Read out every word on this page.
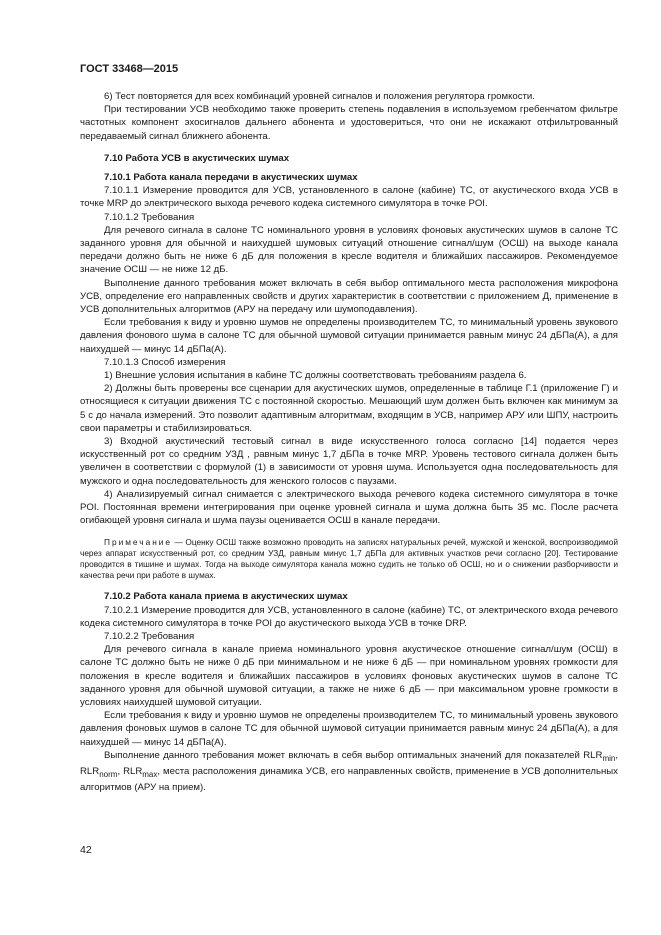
ГОСТ 33468—2015

6) Тест повторяется для всех комбинаций уровней сигналов и положения регулятора громкости.

При тестировании УСВ необходимо также проверить степень подавления в используемом гребенчатом фильтре частотных компонент эхосигналов дальнего абонента и удостовериться, что они не искажают отфильтрованный передаваемый сигнал ближнего абонента.

7.10 Работа УСВ в акустических шумах

7.10.1 Работа канала передачи в акустических шумах

7.10.1.1 Измерение проводится для УСВ, установленного в салоне (кабине) ТС, от акустического входа УСВ в точке MRP до электрического выхода речевого кодека системного симулятора в точке POI.

7.10.1.2 Требования

Для речевого сигнала в салоне ТС номинального уровня в условиях фоновых акустических шумов в салоне ТС заданного уровня для обычной и наихудшей шумовых ситуаций отношение сигнал/шум (ОСШ) на выходе канала передачи должно быть не ниже 6 дБ для положения в кресле водителя и ближайших пассажиров. Рекомендуемое значение ОСШ — не ниже 12 дБ.

Выполнение данного требования может включать в себя выбор оптимального места расположения микрофона УСВ, определение его направленных свойств и других характеристик в соответствии с приложением Д, применение в УСВ дополнительных алгоритмов (АРУ на передачу или шумоподавления).

Если требования к виду и уровню шумов не определены производителем ТС, то минимальный уровень звукового давления фонового шума в салоне ТС для обычной шумовой ситуации принимается равным минус 24 дБПа(А), а для наихудшей — минус 14 дБПа(А).

7.10.1.3 Способ измерения

1) Внешние условия испытания в кабине ТС должны соответствовать требованиям раздела 6.

2) Должны быть проверены все сценарии для акустических шумов, определенные в таблице Г.1 (приложение Г) и относящиеся к ситуации движения ТС с постоянной скоростью. Мешающий шум должен быть включен как минимум за 5 с до начала измерений. Это позволит адаптивным алгоритмам, входящим в УСВ, например АРУ или ШПУ, настроить свои параметры и стабилизироваться.

3) Входной акустический тестовый сигнал в виде искусственного голоса согласно [14] подается через искусственный рот со средним УЗД , равным минус 1,7 дБПа в точке MRP. Уровень тестового сигнала должен быть увеличен в соответствии с формулой (1) в зависимости от уровня шума. Используется одна последовательность для мужского и одна последовательность для женского голосов с паузами.

4) Анализируемый сигнал снимается с электрического выхода речевого кодека системного симулятора в точке POI. Постоянная времени интегрирования при оценке уровней сигнала и шума должна быть 35 мс. После расчета огибающей уровня сигнала и шума паузы оценивается ОСШ в канале передачи.

Примечание — Оценку ОСШ также возможно проводить на записях натуральных речей, мужской и женской, воспроизводимой через аппарат искусственный рот, со средним УЗД, равным минус 1,7 дБПа для активных участков речи согласно [20]. Тестирование проводится в тишине и шумах. Тогда на выходе симулятора канала можно судить не только об ОСШ, но и о снижении разборчивости и качества речи при работе в шумах.

7.10.2 Работа канала приема в акустических шумах

7.10.2.1 Измерение проводится для УСВ, установленного в салоне (кабине) ТС, от электрического входа речевого кодека системного симулятора в точке POI до акустического выхода УСВ в точке DRP.

7.10.2.2 Требования

Для речевого сигнала в канале приема номинального уровня акустическое отношение сигнал/шум (ОСШ) в салоне ТС должно быть не ниже 0 дБ при минимальном и не ниже 6 дБ — при номинальном уровнях громкости для положения в кресле водителя и ближайших пассажиров в условиях фоновых акустических шумов в салоне ТС заданного уровня для обычной шумовой ситуации, а также не ниже 6 дБ — при максимальном уровне громкости в условиях наихудшей шумовой ситуации.

Если требования к виду и уровню шумов не определены производителем ТС, то минимальный уровень звукового давления фоновых шумов в салоне ТС для обычной шумовой ситуации принимается равным минус 24 дБПа(А), а для наихудшей — минус 14 дБПа(А).

Выполнение данного требования может включать в себя выбор оптимальных значений для показателей $RLR_{min}$, $RLR_{norm}$, $RLR_{max}$, места расположения динамика УСВ, его направленных свойств, применение в УСВ дополнительных алгоритмов (АРУ на прием).

42
